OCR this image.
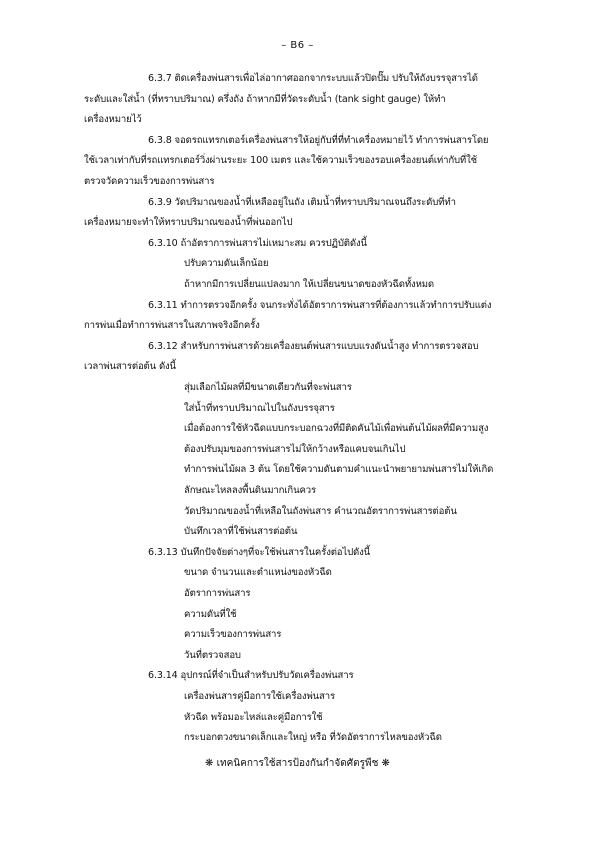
– B6 –
6.3.7 ติดเครื่องพ่นสารเพื่อไล่อากาศออกจากระบบแล้วปิดปั๊ม ปรับให้ถังบรรจุสารได้
ระดับและใส่น้ำ (ที่ทราบปริมาณ) ครึ่งถัง ถ้าหากมีที่วัดระดับน้ำ (tank sight gauge) ให้ทำ
เครื่องหมายไว้
6.3.8 จอดรถแทรกเตอร์เครื่องพ่นสารให้อยู่กับที่ที่ทำเครื่องหมายไว้ ทำการพ่นสารโดย
ใช้เวลาเท่ากับที่รถแทรกเตอร์วิ่งผ่านระยะ 100 เมตร และใช้ความเร็วของรอบเครื่องยนต์เท่ากับที่ใช้
ตรวจวัดความเร็วของการพ่นสาร
6.3.9 วัดปริมาณของน้ำที่เหลืออยู่ในถัง เติมน้ำที่ทราบปริมาณจนถึงระดับที่ทำ
เครื่องหมายจะทำให้ทราบปริมาณของน้ำที่พ่นออกไป
6.3.10 ถ้าอัตราการพ่นสารไม่เหมาะสม ควรปฏิบัติดังนี้
ปรับความดันเล็กน้อย
ถ้าหากมีการเปลี่ยนแปลงมาก ให้เปลี่ยนขนาดของหัวฉีดทั้งหมด
6.3.11 ทำการตรวจอีกครั้ง จนกระทั่งได้อัตราการพ่นสารที่ต้องการแล้วทำการปรับแต่ง
การพ่นเมื่อทำการพ่นสารในสภาพจริงอีกครั้ง
6.3.12 สำหรับการพ่นสารด้วยเครื่องยนต์พ่นสารแบบแรงดันน้ำสูง ทำการตรวจสอบ
เวลาพ่นสารต่อต้น ดังนี้
สุ่มเลือกไม้ผลที่มีขนาดเดียวกันที่จะพ่นสาร
ใส่น้ำที่ทราบปริมาณไปในถังบรรจุสาร
เมื่อต้องการใช้หัวฉีดแบบกระบอกฉวงที่มีติดคันไม้เพื่อพ่นต้นไม้ผลที่มีความสูง
ต้องปรับมุมของการพ่นสารไม่ให้กว้างหรือแคบจนเกินไป
ทำการพ่นไม้ผล 3 ต้น โดยใช้ความดันตามคำแนะนำพยายามพ่นสารไม่ให้เกิด
ลักษณะไหลลงพื้นดินมากเกินควร
วัดปริมาณของน้ำที่เหลือในถังพ่นสาร คำนวณอัตราการพ่นสารต่อต้น
บันทึกเวลาที่ใช้พ่นสารต่อต้น
6.3.13 บันทึกปัจจัยต่างๆที่จะใช้พ่นสารในครั้งต่อไปดังนี้
ขนาด จำนวนและตำแหน่งของหัวฉีด
อัตราการพ่นสาร
ความดันที่ใช้
ความเร็วของการพ่นสาร
วันที่ตรวจสอบ
6.3.14 อุปกรณ์ที่จำเป็นสำหรับปรับวัดเครื่องพ่นสาร
เครื่องพ่นสารคู่มือการใช้เครื่องพ่นสาร
หัวฉีด พร้อมอะไหล่และคู่มือการใช้
กระบอกตวงขนาดเล็กและใหญ่ หรือ ที่วัดอัตราการไหลของหัวฉีด
❋ เทคนิคการใช้สารป้องกันกำจัดศัตรูพืช ❋
